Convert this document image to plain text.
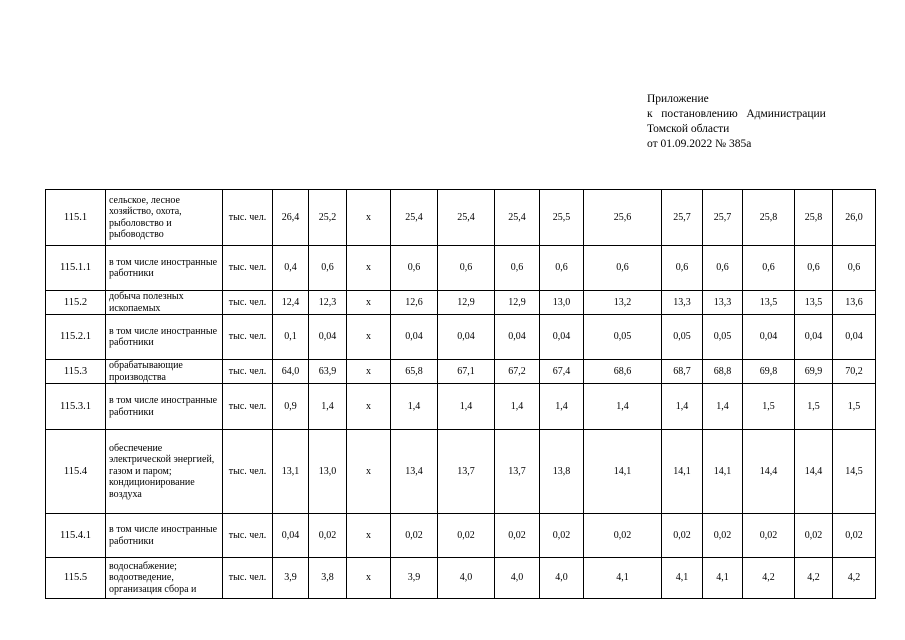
Приложение
к   постановлению   Администрации
Томской области
от 01.09.2022 № 385а
115.1	сельское, лесное хозяйство, охота, рыболовство и рыбоводство	тыс. чел.	26,4	25,2	x	25,4	25,4	25,4	25,5	25,6	25,7	25,7	25,8	25,8	26,0
115.1.1	в том числе иностранные работники	тыс. чел.	0,4	0,6	x	0,6	0,6	0,6	0,6	0,6	0,6	0,6	0,6	0,6	0,6
115.2	добыча полезных ископаемых	тыс. чел.	12,4	12,3	x	12,6	12,9	12,9	13,0	13,2	13,3	13,3	13,5	13,5	13,6
115.2.1	в том числе иностранные работники	тыс. чел.	0,1	0,04	x	0,04	0,04	0,04	0,04	0,05	0,05	0,05	0,04	0,04	0,04
115.3	обрабатывающие производства	тыс. чел.	64,0	63,9	x	65,8	67,1	67,2	67,4	68,6	68,7	68,8	69,8	69,9	70,2
115.3.1	в том числе иностранные работники	тыс. чел.	0,9	1,4	x	1,4	1,4	1,4	1,4	1,4	1,4	1,4	1,5	1,5	1,5
115.4	обеспечение электрической энергией, газом и паром; кондиционирование воздуха	тыс. чел.	13,1	13,0	x	13,4	13,7	13,7	13,8	14,1	14,1	14,1	14,4	14,4	14,5
115.4.1	в том числе иностранные работники	тыс. чел.	0,04	0,02	x	0,02	0,02	0,02	0,02	0,02	0,02	0,02	0,02	0,02	0,02
115.5	водоснабжение; водоотведение, организация сбора и	тыс. чел.	3,9	3,8	x	3,9	4,0	4,0	4,0	4,1	4,1	4,1	4,2	4,2	4,2
